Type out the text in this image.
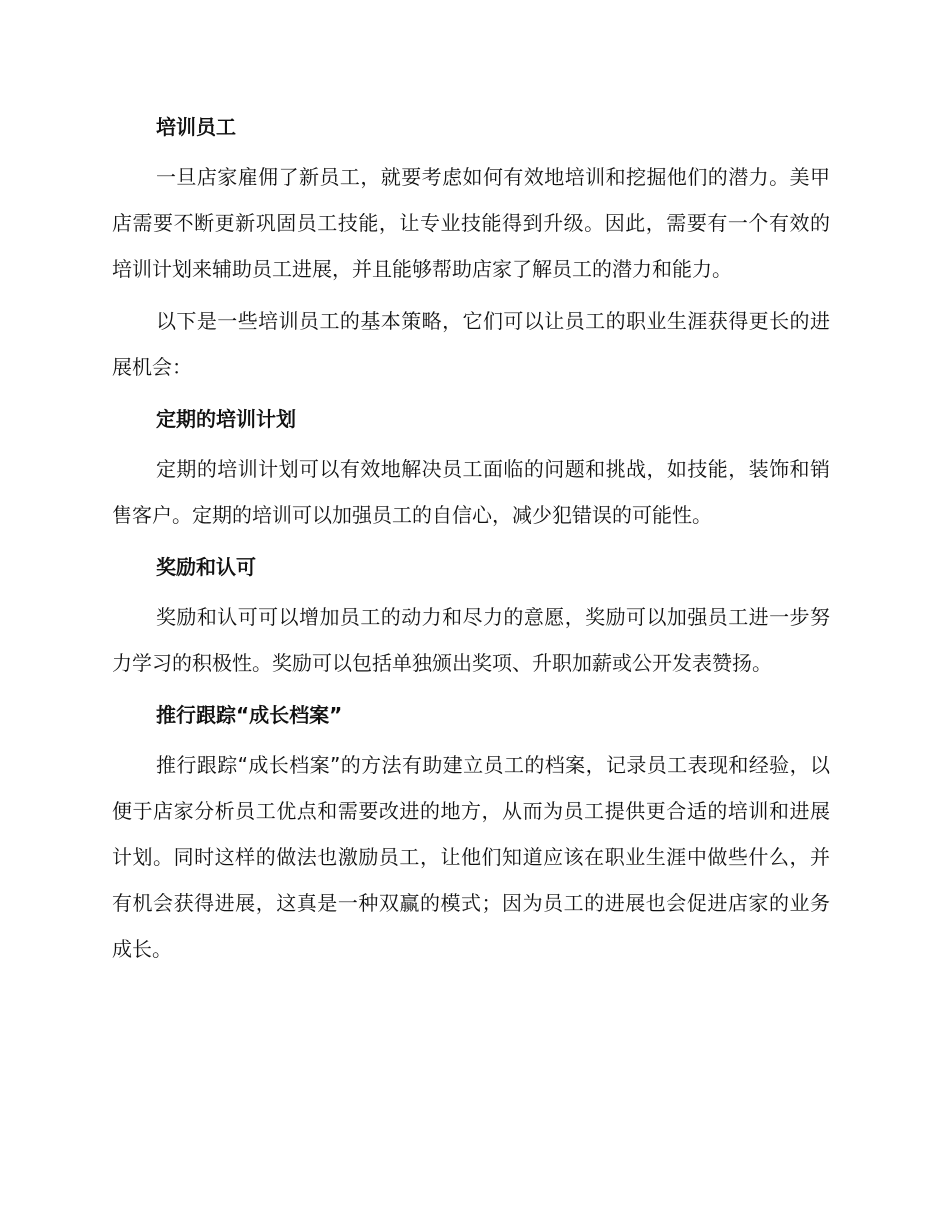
培训员工

一旦店家雇佣了新员工，就要考虑如何有效地培训和挖掘他们的潜力。美甲店需要不断更新巩固员工技能，让专业技能得到升级。因此，需要有一个有效的培训计划来辅助员工进展，并且能够帮助店家了解员工的潜力和能力。

以下是一些培训员工的基本策略，它们可以让员工的职业生涯获得更长的进展机会：

定期的培训计划

定期的培训计划可以有效地解决员工面临的问题和挑战，如技能，装饰和销售客户。定期的培训可以加强员工的自信心，减少犯错误的可能性。

奖励和认可

奖励和认可可以增加员工的动力和尽力的意愿，奖励可以加强员工进一步努力学习的积极性。奖励可以包括单独颁出奖项、升职加薪或公开发表赞扬。

推行跟踪“成长档案”

推行跟踪“成长档案”的方法有助建立员工的档案，记录员工表现和经验，以便于店家分析员工优点和需要改进的地方，从而为员工提供更合适的培训和进展计划。同时这样的做法也激励员工，让他们知道应该在职业生涯中做些什么，并有机会获得进展，这真是一种双赢的模式；因为员工的进展也会促进店家的业务成长。
